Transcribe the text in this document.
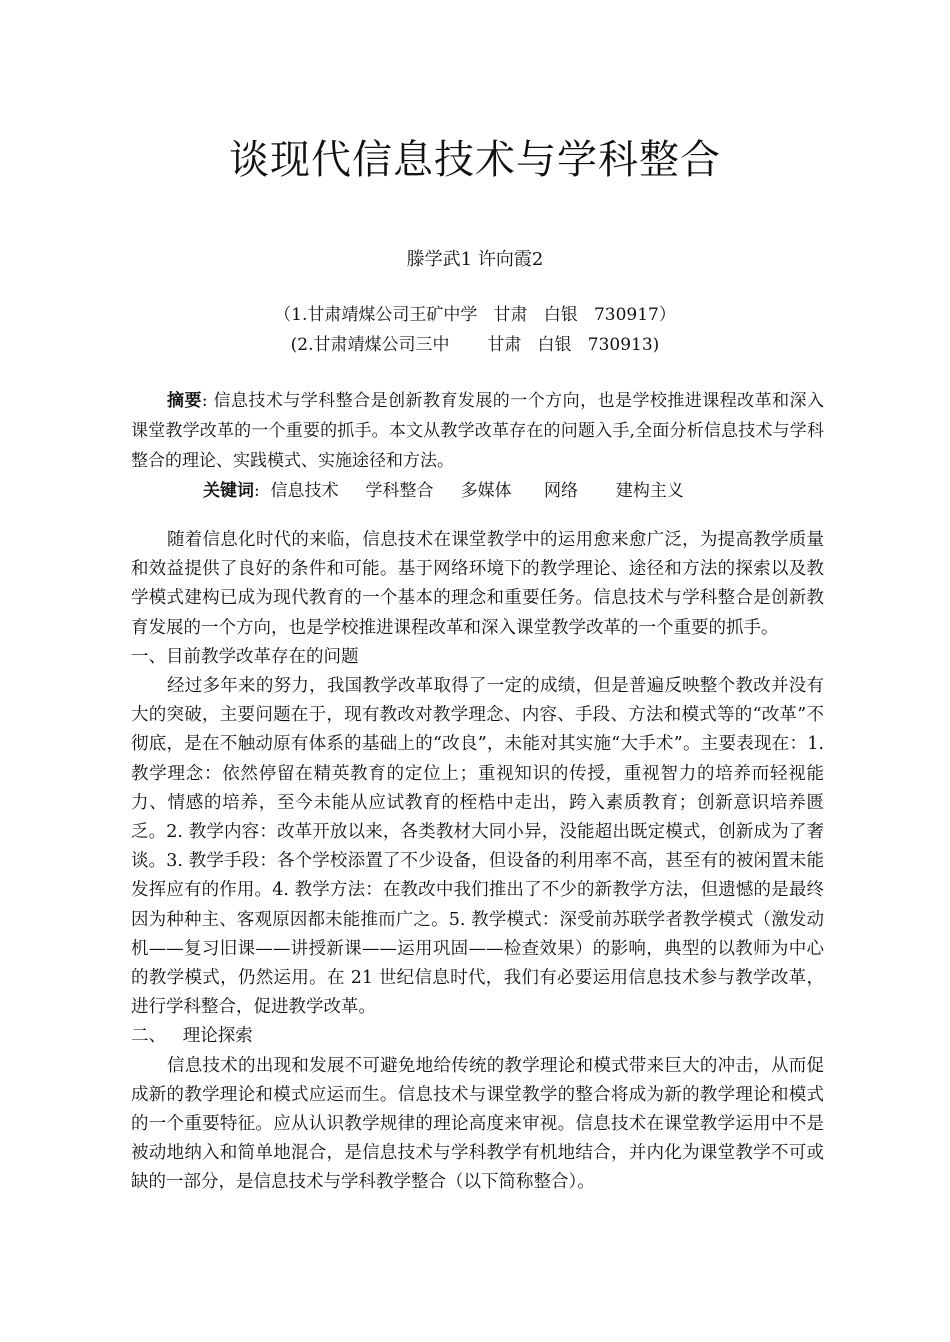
谈现代信息技术与学科整合
滕学武1 许向霞2
（1.甘肃靖煤公司王矿中学   甘肃   白银   730917）
(2.甘肃靖煤公司三中       甘肃   白银   730913)

摘要: 信息技术与学科整合是创新教育发展的一个方向，也是学校推进课程改革和深入课堂教学改革的一个重要的抓手。本文从教学改革存在的问题入手,全面分析信息技术与学科整合的理论、实践模式、实施途径和方法。

关键词:  信息技术     学科整合     多媒体      网络       建构主义

随着信息化时代的来临，信息技术在课堂教学中的运用愈来愈广泛，为提高教学质量和效益提供了良好的条件和可能。基于网络环境下的教学理论、途径和方法的探索以及教学模式建构已成为现代教育的一个基本的理念和重要任务。信息技术与学科整合是创新教育发展的一个方向，也是学校推进课程改革和深入课堂教学改革的一个重要的抓手。

一、目前教学改革存在的问题

经过多年来的努力，我国教学改革取得了一定的成绩，但是普遍反映整个教改并没有大的突破，主要问题在于，现有教改对教学理念、内容、手段、方法和模式等的“改革”不彻底，是在不触动原有体系的基础上的“改良”，未能对其实施“大手术”。主要表现在：1. 教学理念：依然停留在精英教育的定位上；重视知识的传授，重视智力的培养而轻视能力、情感的培养，至今未能从应试教育的桎梏中走出，跨入素质教育；创新意识培养匮乏。2. 教学内容：改革开放以来，各类教材大同小异，没能超出既定模式，创新成为了奢谈。3. 教学手段：各个学校添置了不少设备，但设备的利用率不高，甚至有的被闲置未能发挥应有的作用。4. 教学方法：在教改中我们推出了不少的新教学方法，但遗憾的是最终因为种种主、客观原因都未能推而广之。5. 教学模式：深受前苏联学者教学模式（激发动机——复习旧课——讲授新课——运用巩固——检查效果）的影响，典型的以教师为中心的教学模式，仍然运用。在 21 世纪信息时代，我们有必要运用信息技术参与教学改革，进行学科整合，促进教学改革。

二、   理论探索

信息技术的出现和发展不可避免地给传统的教学理论和模式带来巨大的冲击，从而促成新的教学理论和模式应运而生。信息技术与课堂教学的整合将成为新的教学理论和模式的一个重要特征。应从认识教学规律的理论高度来审视。信息技术在课堂教学运用中不是被动地纳入和简单地混合，是信息技术与学科教学有机地结合，并内化为课堂教学不可或缺的一部分，是信息技术与学科教学整合（以下简称整合）。
